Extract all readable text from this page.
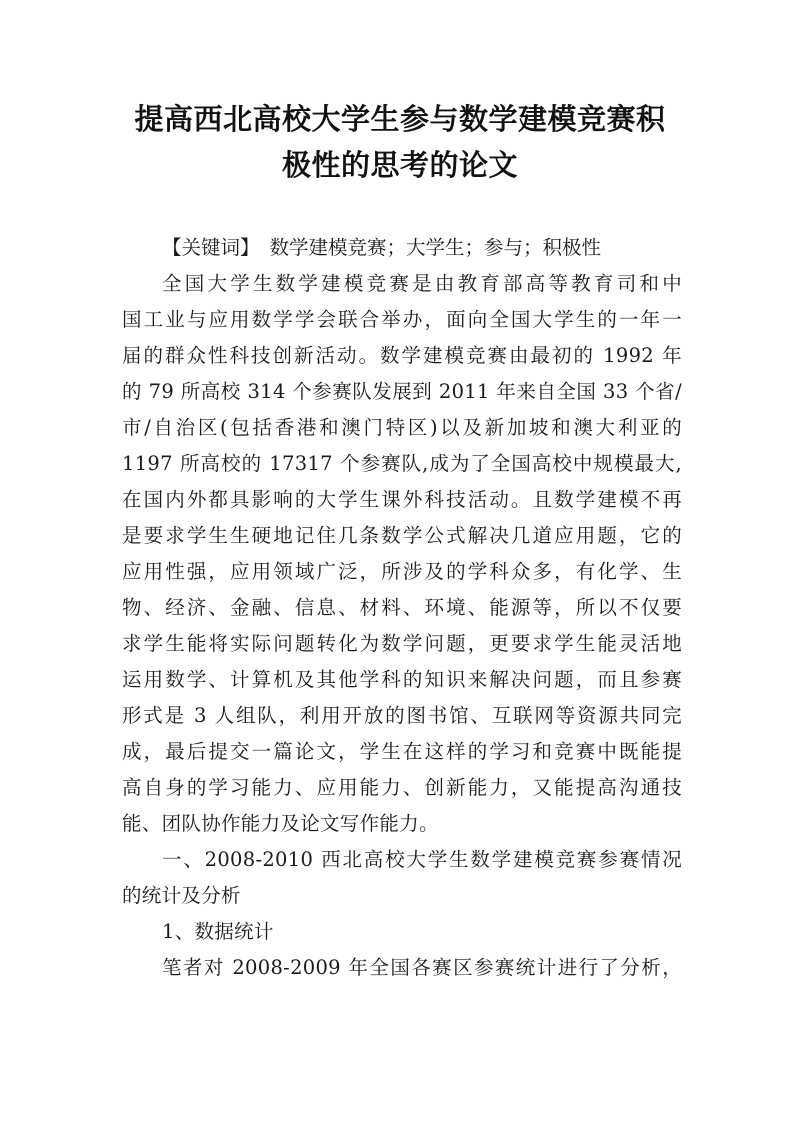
提高西北高校大学生参与数学建模竞赛积
极性的思考的论文
【关键词】 数学建模竞赛；大学生；参与；积极性
全国大学生数学建模竞赛是由教育部高等教育司和中
国工业与应用数学学会联合举办，面向全国大学生的一年一
届的群众性科技创新活动。数学建模竞赛由最初的 1992 年
的 79 所高校 314 个参赛队发展到 2011 年来自全国 33 个省/
市/自治区(包括香港和澳门特区)以及新加坡和澳大利亚的
1197 所高校的 17317 个参赛队,成为了全国高校中规模最大,
在国内外都具影响的大学生课外科技活动。且数学建模不再
是要求学生生硬地记住几条数学公式解决几道应用题，它的
应用性强，应用领域广泛，所涉及的学科众多，有化学、生
物、经济、金融、信息、材料、环境、能源等，所以不仅要
求学生能将实际问题转化为数学问题，更要求学生能灵活地
运用数学、计算机及其他学科的知识来解决问题，而且参赛
形式是 3 人组队，利用开放的图书馆、互联网等资源共同完
成，最后提交一篇论文，学生在这样的学习和竞赛中既能提
高自身的学习能力、应用能力、创新能力，又能提高沟通技
能、团队协作能力及论文写作能力。
一、2008-2010 西北高校大学生数学建模竞赛参赛情况
的统计及分析
1、数据统计
笔者对 2008-2009 年全国各赛区参赛统计进行了分析，
